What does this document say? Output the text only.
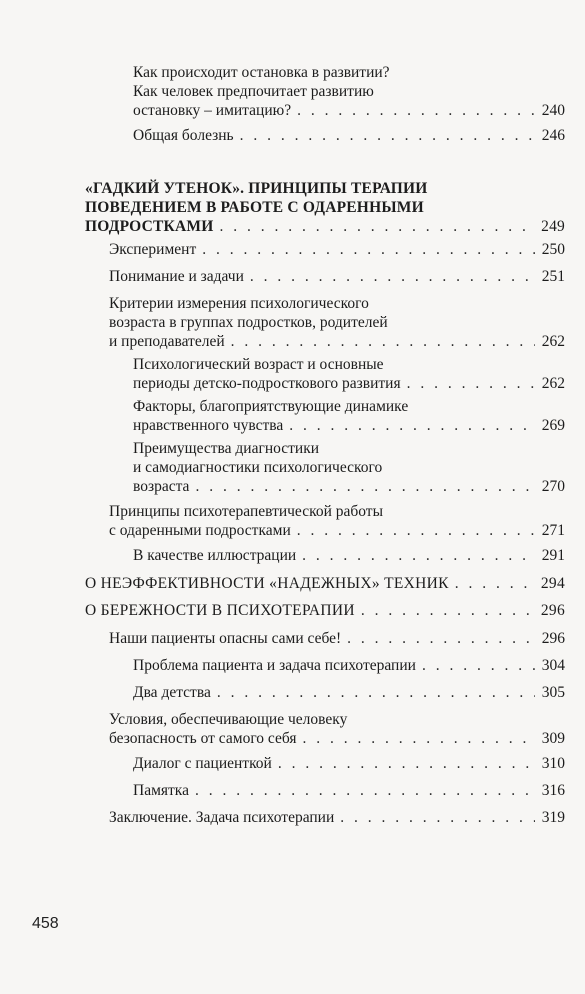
Как происходит остановка в развитии?
Как человек предпочитает развитию
остановку – имитацию? . . .	240
Общая болезнь . . .	246
«ГАДКИЙ УТЕНОК». ПРИНЦИПЫ ТЕРАПИИ
ПОВЕДЕНИЕМ В РАБОТЕ С ОДАРЕННЫМИ
ПОДРОСТКАМИ . . .	249
Эксперимент . . .	250
Понимание и задачи . . .	251
Критерии измерения психологического
возраста в группах подростков, родителей
и преподавателей . . .	262
Психологический возраст и основные
периоды детско-подросткового развития . . .	262
Факторы, благоприятствующие динамике
нравственного чувства . . .	269
Преимущества диагностики
и самодиагностики психологического
возраста . . .	270
Принципы психотерапевтической работы
с одаренными подростками . . .	271
В качестве иллюстрации . . .	291
О НЕЭФФЕКТИВНОСТИ «НАДЕЖНЫХ» ТЕХНИК . . .	294
О БЕРЕЖНОСТИ В ПСИХОТЕРАПИИ . . .	296
Наши пациенты опасны сами себе! . . .	296
Проблема пациента и задача психотерапии . . .	304
Два детства . . .	305
Условия, обеспечивающие человеку
безопасность от самого себя . . .	309
Диалог с пациенткой . . .	310
Памятка . . .	316
Заключение. Задача психотерапии . . .	319
458
